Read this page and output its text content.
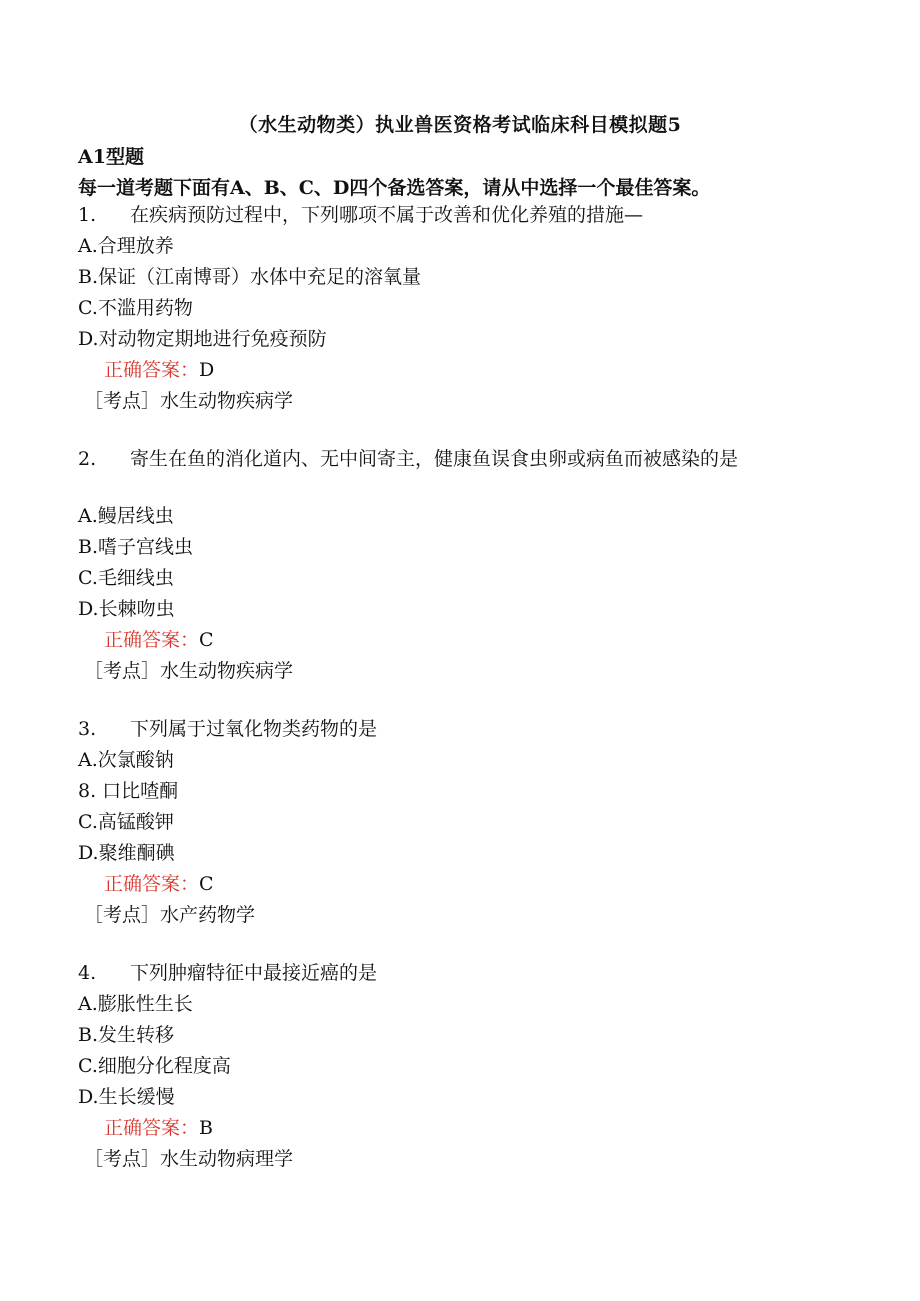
（水生动物类）执业兽医资格考试临床科目模拟题5
A1型题
每一道考题下面有A、B、C、D四个备选答案，请从中选择一个最佳答案。
1. 在疾病预防过程中，下列哪项不属于改善和优化养殖的措施—
A.合理放养
B.保证（江南博哥）水体中充足的溶氧量
C.不滥用药物
D.对动物定期地进行免疫预防
正确答案：D
［考点］水生动物疾病学
2. 寄生在鱼的消化道内、无中间寄主，健康鱼误食虫卵或病鱼而被感染的是
A.鳗居线虫
B.嗜子宫线虫
C.毛细线虫
D.长棘吻虫
正确答案：C
［考点］水生动物疾病学
3. 下列属于过氧化物类药物的是
A.次氯酸钠
8. 口比喳酮
C.高锰酸钾
D.聚维酮碘
正确答案：C
［考点］水产药物学
4. 下列肿瘤特征中最接近癌的是
A.膨胀性生长
B.发生转移
C.细胞分化程度高
D.生长缓慢
正确答案：B
［考点］水生动物病理学
